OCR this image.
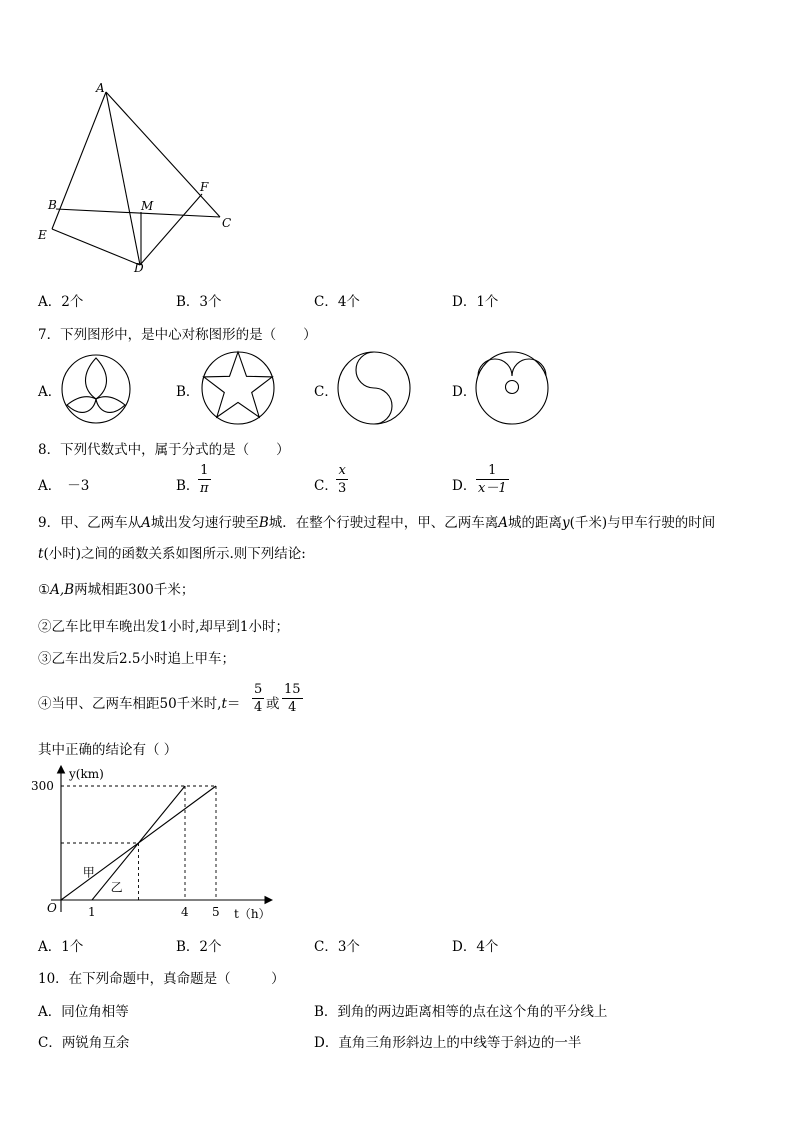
A
B
E
M
F
C
D
A．2个	B．3个	C．4个	D．1个
7．下列图形中，是中心对称图形的是（　　）
A．	B．	C．	D．
8．下列代数式中，属于分式的是（　　）
A． －3	B．
$\frac{1}{\pi}$	C．
$\frac{x}{3}$	D． $\frac{1}{x-1}$
9．甲、乙两车从A城出发匀速行驶至B城．在整个行驶过程中，甲、乙两车离A城的距离y(千米)与甲车行驶的时间
t(小时)之间的函数关系如图所示.则下列结论:
①A,B两城相距300千米；
②乙车比甲车晚出发1小时,却早到1小时；
③乙车出发后2.5小时追上甲车；
④当甲、乙两车相距50千米时$,t= \frac{5}{4}$ 或 $\frac{15}{4}$
其中正确的结论有（ ）
y(km)
t（h）
O
300
1	4 5
甲
乙
A．1个	B．2个	C．3个	D．4个
10．在下列命题中，真命题是（　　　）
A．同位角相等	B．到角的两边距离相等的点在这个角的平分线上
C．两锐角互余	D．直角三角形斜边上的中线等于斜边的一半
